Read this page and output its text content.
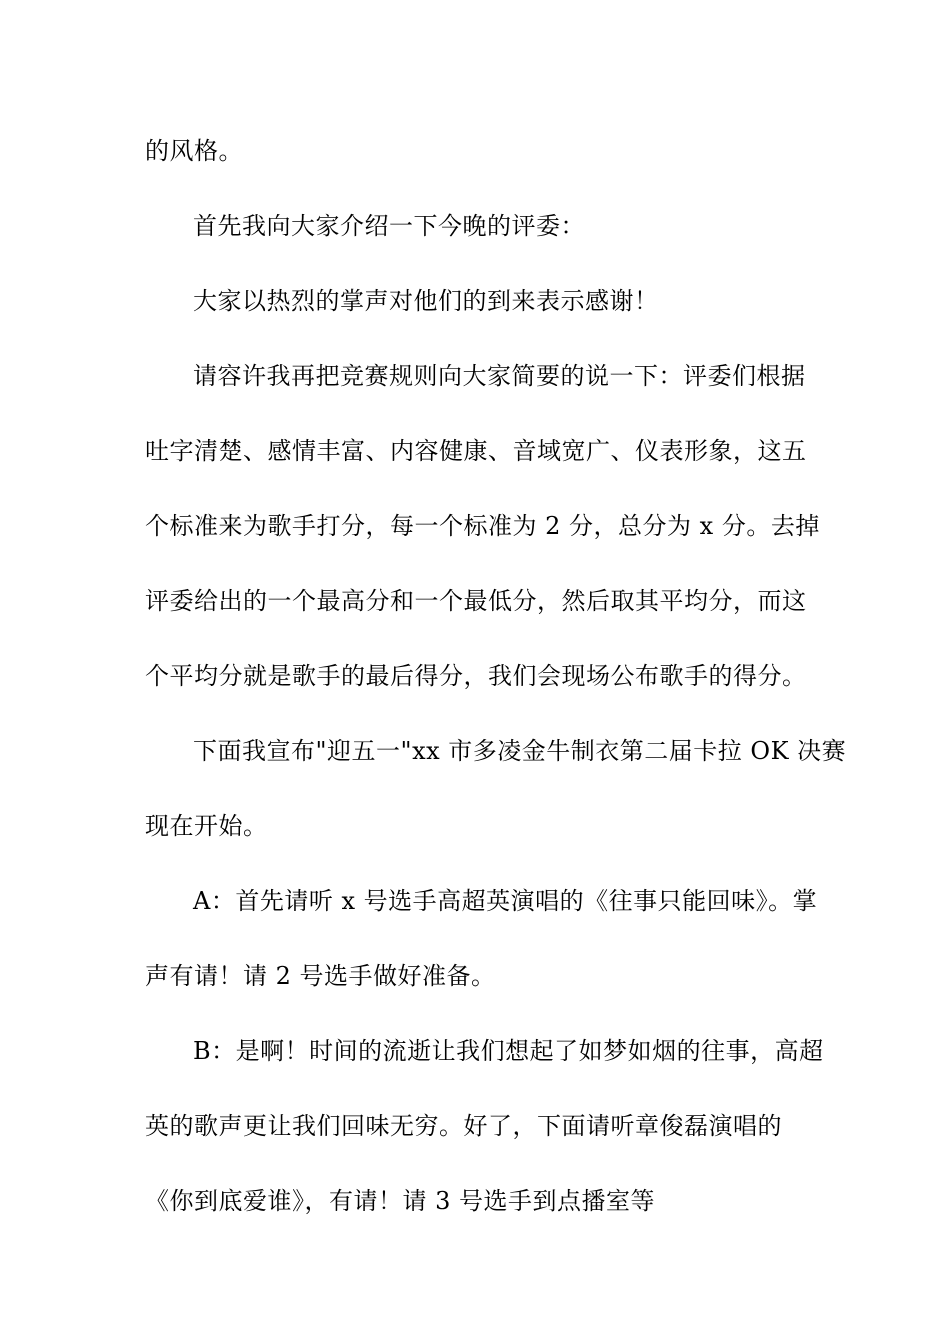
的风格。
首先我向大家介绍一下今晚的评委：
大家以热烈的掌声对他们的到来表示感谢！
请容许我再把竞赛规则向大家简要的说一下：评委们根据
吐字清楚、感情丰富、内容健康、音域宽广、仪表形象，这五
个标准来为歌手打分，每一个标准为 2 分，总分为 x 分。去掉
评委给出的一个最高分和一个最低分，然后取其平均分，而这
个平均分就是歌手的最后得分，我们会现场公布歌手的得分。
下面我宣布"迎五一"xx 市多凌金牛制衣第二届卡拉 OK 决赛
现在开始。
A：首先请听 x 号选手高超英演唱的《往事只能回味》。掌
声有请！请 2 号选手做好准备。
B：是啊！时间的流逝让我们想起了如梦如烟的往事，高超
英的歌声更让我们回味无穷。好了，下面请听章俊磊演唱的
《你到底爱谁》，有请！请 3 号选手到点播室等
